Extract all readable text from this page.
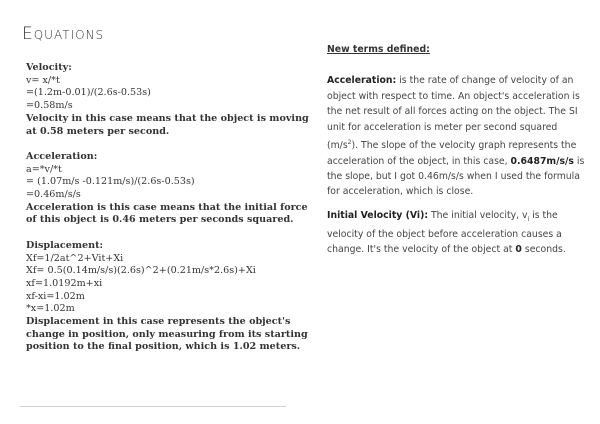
Equations
Velocity:
v= x/*t
=(1.2m-0.01)/(2.6s-0.53s)
=0.58m/s
Velocity in this case means that the object is moving
at 0.58 meters per second.
Acceleration:
a=*v/*t
= (1.07m/s -0.121m/s)/(2.6s-0.53s)
=0.46m/s/s
Acceleration is this case means that the initial force
of this object is 0.46 meters per seconds squared.
Displacement:
Xf=1/2at^2+Vit+Xi
Xf= 0.5(0.14m/s/s)(2.6s)^2+(0.21m/s*2.6s)+Xi
xf=1.0192m+xi
xf-xi=1.02m
*x=1.02m
Displacement in this case represents the object's
change in position, only measuring from its starting
position to the final position, which is 1.02 meters.
New terms defined:
Acceleration: is the rate of change of velocity of an object with respect to time. An object's acceleration is the net result of all forces acting on the object. The SI unit for acceleration is meter per second squared $(m/s^2)$. The slope of the velocity graph represents the acceleration of the object, in this case, 0.6487m/s/s is the slope, but I got 0.46m/s/s when I used the formula for acceleration, which is close.
Initial Velocity (Vi): The initial velocity, $v_i$ is the velocity of the object before acceleration causes a change. It's the velocity of the object at 0 seconds.
